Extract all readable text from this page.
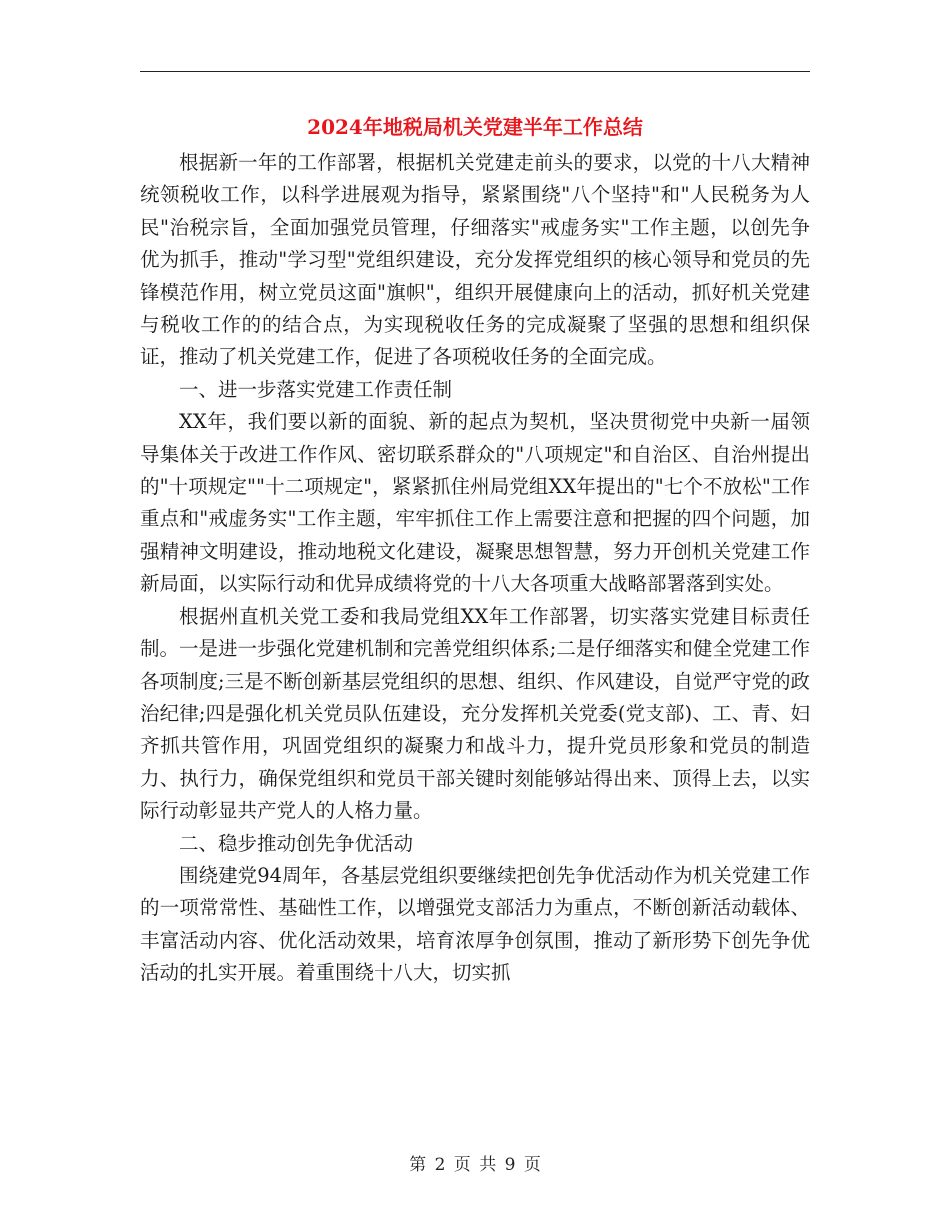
2024年地税局机关党建半年工作总结

根据新一年的工作部署，根据机关党建走前头的要求，以党的十八大精神统领税收工作，以科学进展观为指导，紧紧围绕"八个坚持"和"人民税务为人民"治税宗旨，全面加强党员管理，仔细落实"戒虚务实"工作主题，以创先争优为抓手，推动"学习型"党组织建设，充分发挥党组织的核心领导和党员的先锋模范作用，树立党员这面"旗帜"，组织开展健康向上的活动，抓好机关党建与税收工作的的结合点，为实现税收任务的完成凝聚了坚强的思想和组织保证，推动了机关党建工作，促进了各项税收任务的全面完成。

一、进一步落实党建工作责任制

XX年，我们要以新的面貌、新的起点为契机，坚决贯彻党中央新一届领导集体关于改进工作作风、密切联系群众的"八项规定"和自治区、自治州提出的"十项规定""十二项规定"，紧紧抓住州局党组XX年提出的"七个不放松"工作重点和"戒虚务实"工作主题，牢牢抓住工作上需要注意和把握的四个问题，加强精神文明建设，推动地税文化建设，凝聚思想智慧，努力开创机关党建工作新局面，以实际行动和优异成绩将党的十八大各项重大战略部署落到实处。

根据州直机关党工委和我局党组XX年工作部署，切实落实党建目标责任制。一是进一步强化党建机制和完善党组织体系;二是仔细落实和健全党建工作各项制度;三是不断创新基层党组织的思想、组织、作风建设，自觉严守党的政治纪律;四是强化机关党员队伍建设，充分发挥机关党委(党支部)、工、青、妇齐抓共管作用，巩固党组织的凝聚力和战斗力，提升党员形象和党员的制造力、执行力，确保党组织和党员干部关键时刻能够站得出来、顶得上去，以实际行动彰显共产党人的人格力量。

二、稳步推动创先争优活动

围绕建党94周年，各基层党组织要继续把创先争优活动作为机关党建工作的一项常常性、基础性工作，以增强党支部活力为重点，不断创新活动载体、丰富活动内容、优化活动效果，培育浓厚争创氛围，推动了新形势下创先争优活动的扎实开展。着重围绕十八大，切实抓

第 2 页 共 9 页
